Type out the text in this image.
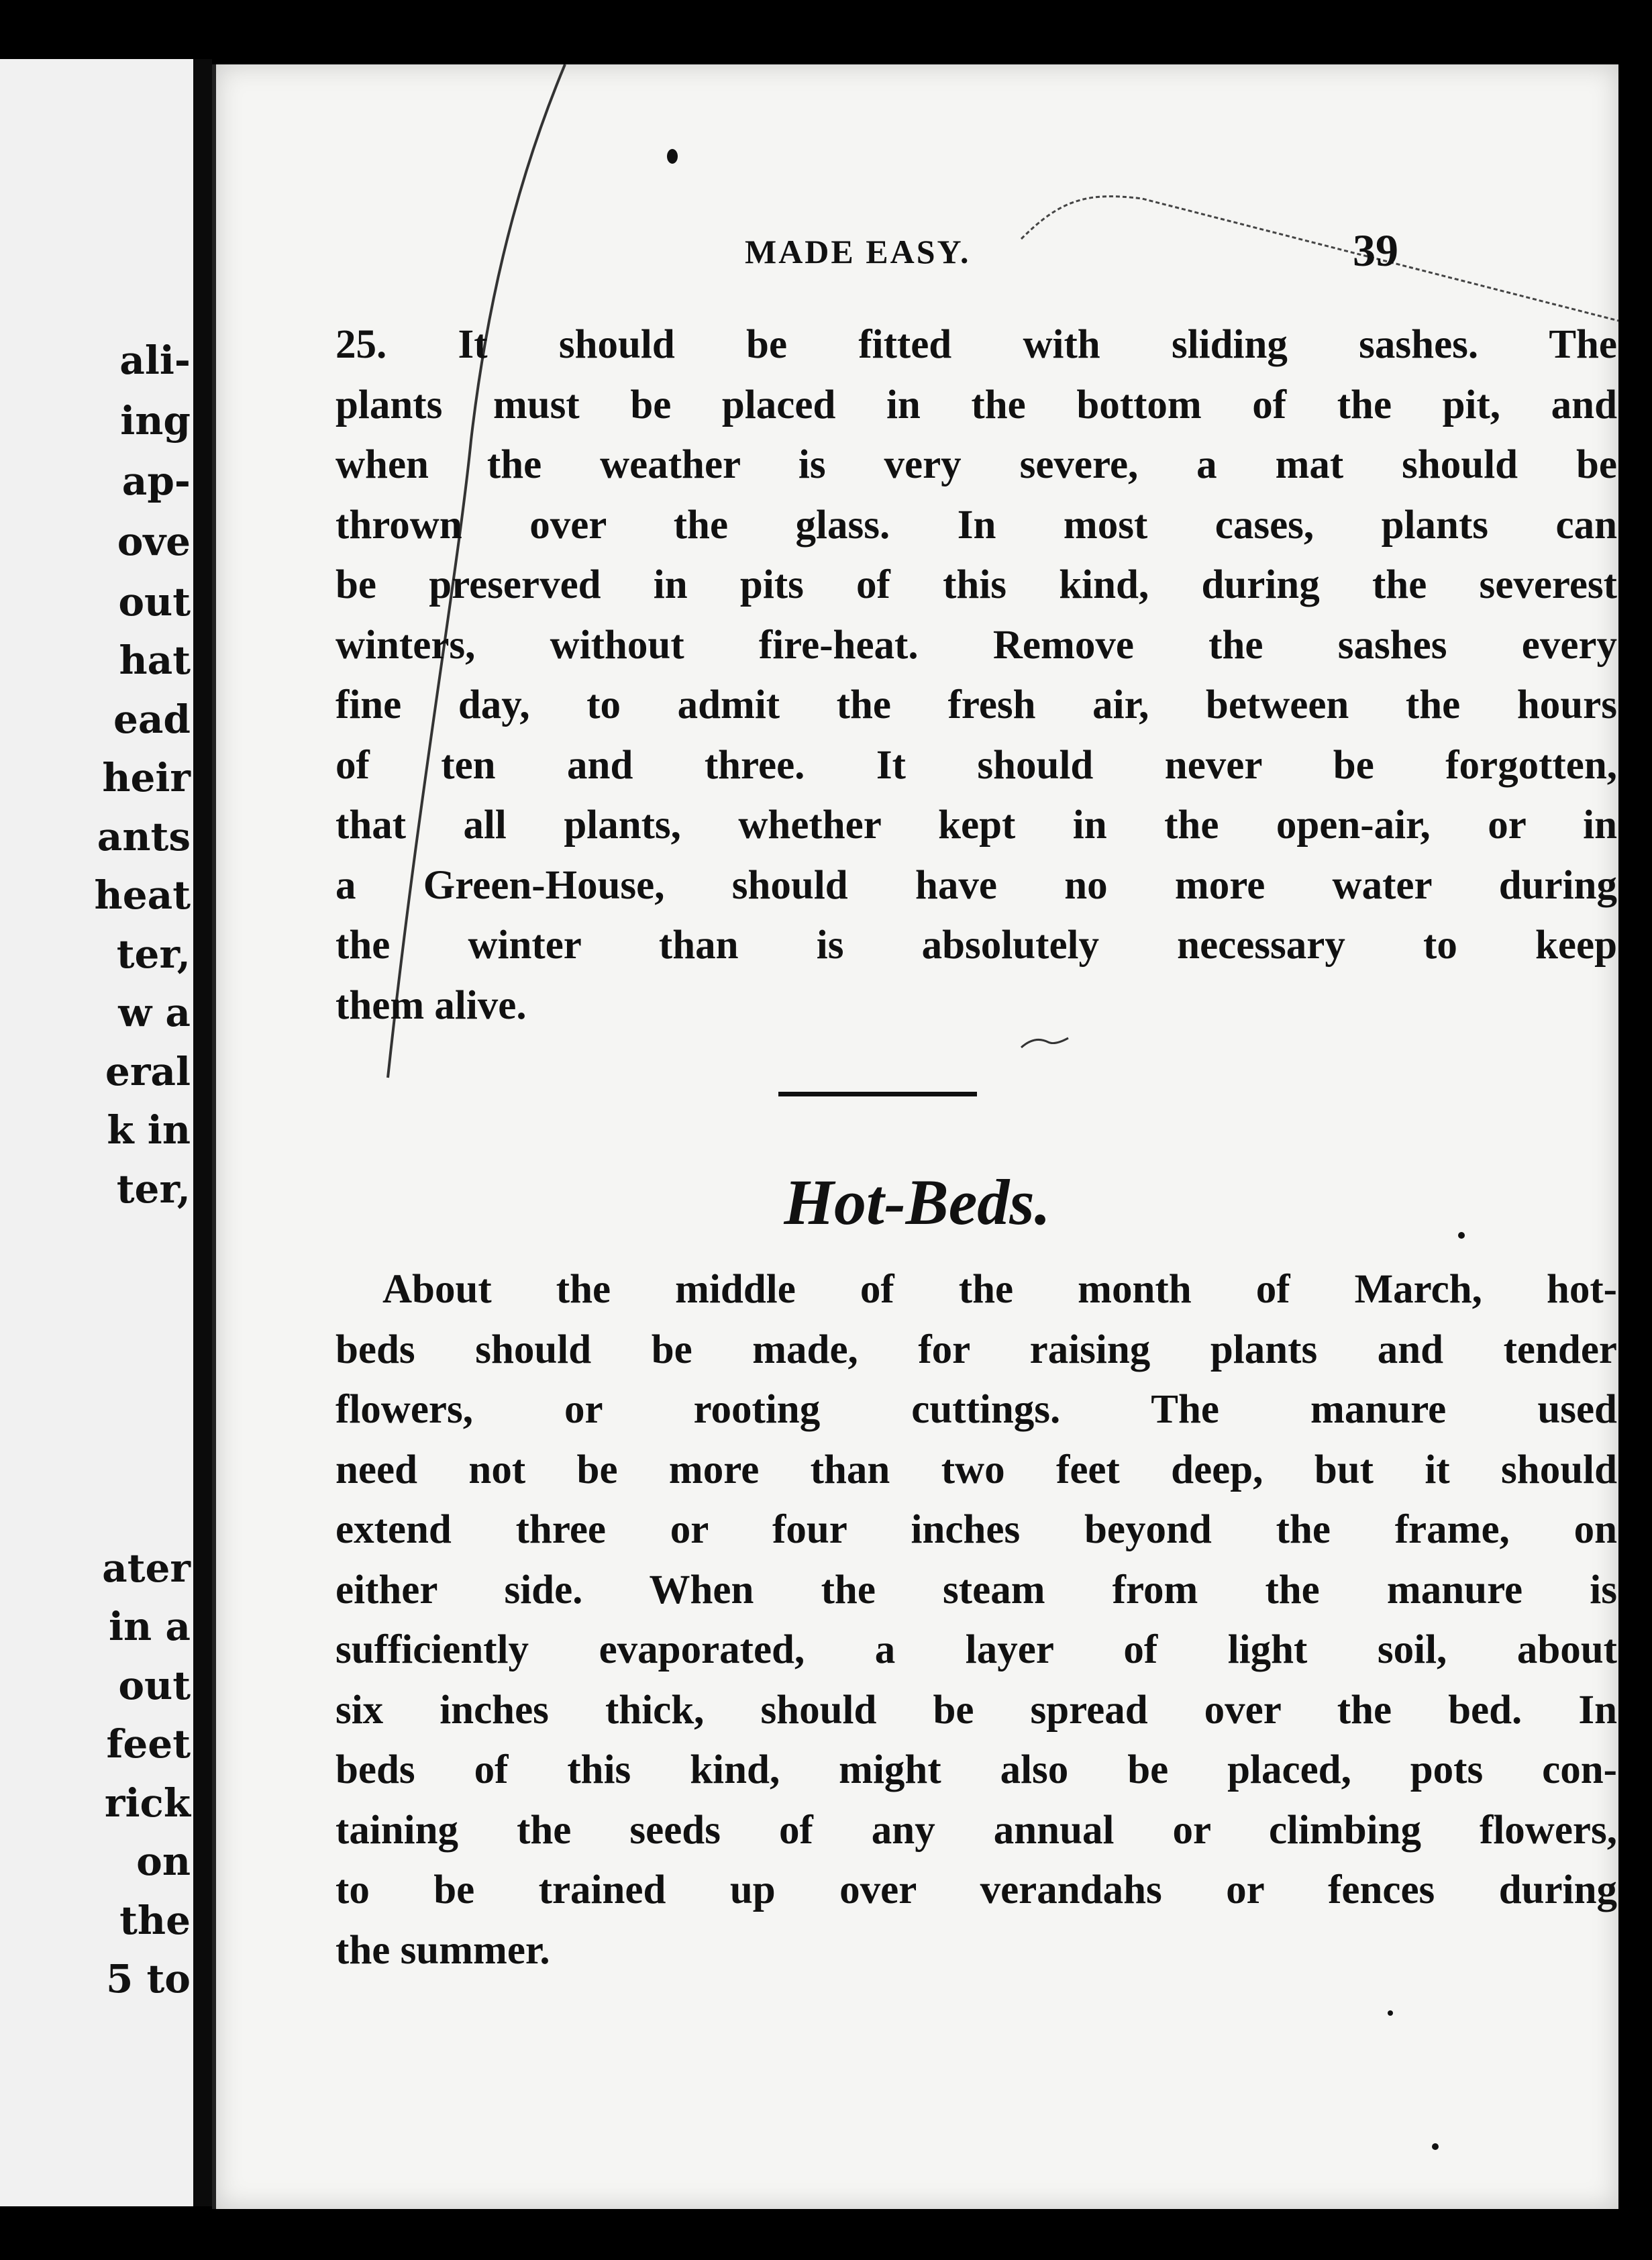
ali-
ing
ap-
ove
out
hat
ead
heir
ants
heat
ter,
w a
eral
k in
ter,
ater
in a
out
feet
rick
on
the
5 to
MADE EASY.	39
25. It should be fitted with sliding sashes. The
plants must be placed in the bottom of the pit, and
when the weather is very severe, a mat should be
thrown over the glass. In most cases, plants can
be preserved in pits of this kind, during the severest
winters, without fire-heat. Remove the sashes every
fine day, to admit the fresh air, between the hours
of ten and three. It should never be forgotten,
that all plants, whether kept in the open-air, or in
a Green-House, should have no more water during
the winter than is absolutely necessary to keep
them alive.
Hot-Beds.
About the middle of the month of March, hot-
beds should be made, for raising plants and tender
flowers, or rooting cuttings. The manure used
need not be more than two feet deep, but it should
extend three or four inches beyond the frame, on
either side. When the steam from the manure is
sufficiently evaporated, a layer of light soil, about
six inches thick, should be spread over the bed. In
beds of this kind, might also be placed, pots con-
taining the seeds of any annual or climbing flowers,
to be trained up over verandahs or fences during
the summer.
